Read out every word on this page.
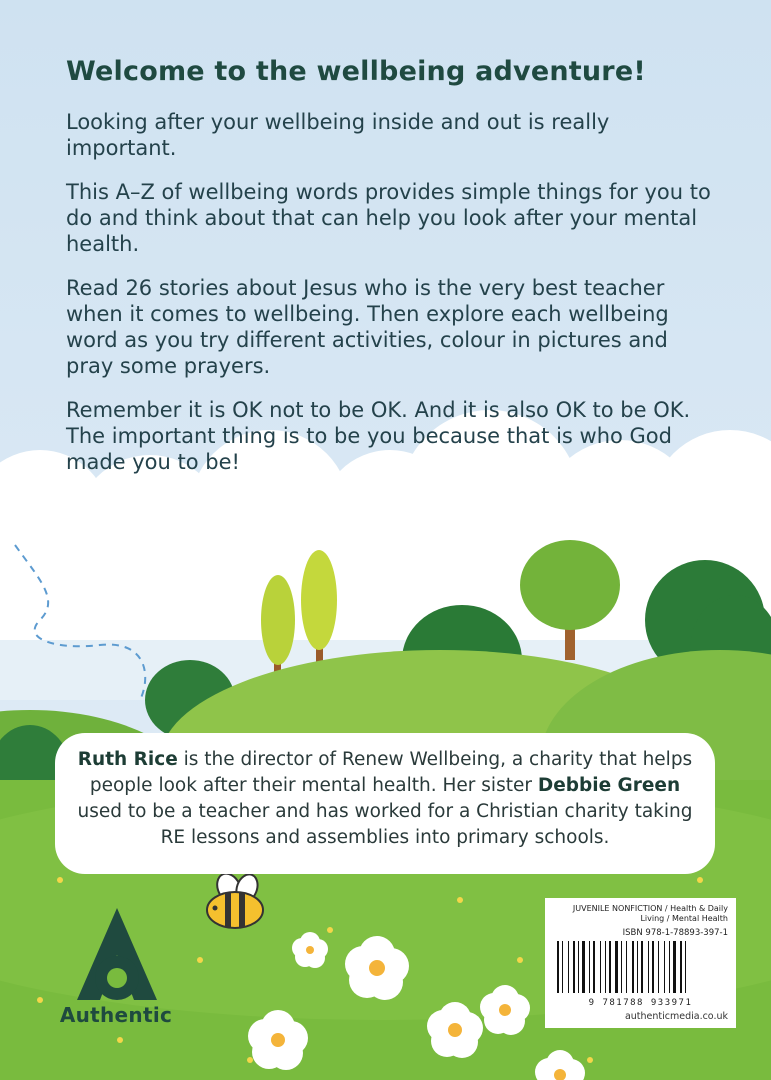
Welcome to the wellbeing adventure!

Looking after your wellbeing inside and out is really important.

This A–Z of wellbeing words provides simple things for you to do and think about that can help you look after your mental health.

Read 26 stories about Jesus who is the very best teacher when it comes to wellbeing. Then explore each wellbeing word as you try different activities, colour in pictures and pray some prayers.

Remember it is OK not to be OK. And it is also OK to be OK. The important thing is to be you because that is who God made you to be!

Ruth Rice is the director of Renew Wellbeing, a charity that helps people look after their mental health. Her sister Debbie Green used to be a teacher and has worked for a Christian charity taking RE lessons and assemblies into primary schools.
Authentic
JUVENILE NONFICTION / Health & Daily Living / Mental Health
ISBN 978-1-78893-397-1
9 781788 933971
authenticmedia.co.uk
